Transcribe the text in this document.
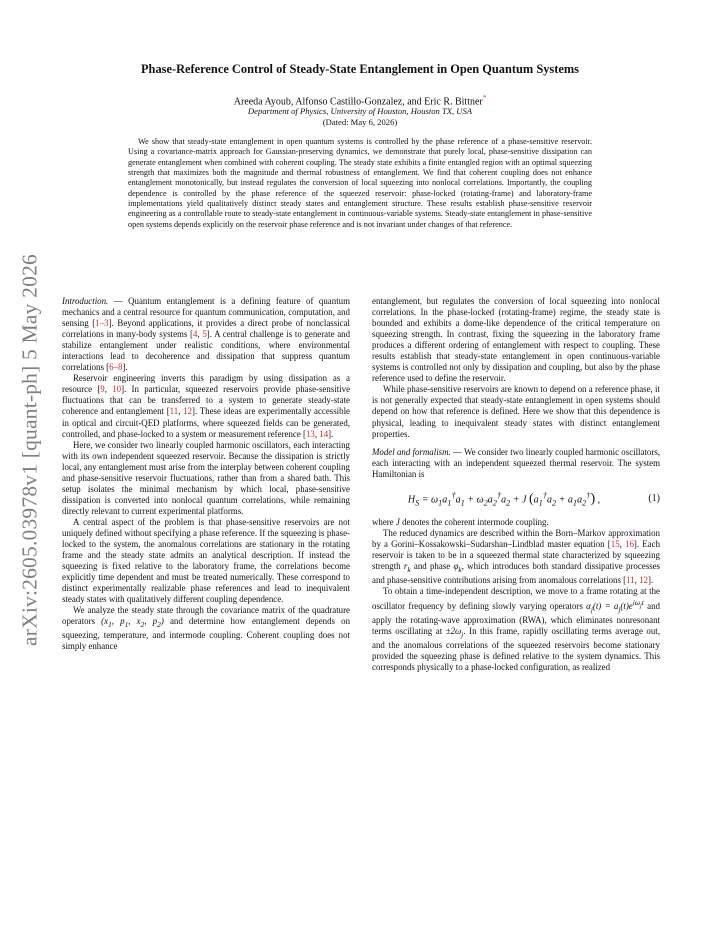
arXiv:2605.03978v1 [quant-ph] 5 May 2026
Phase-Reference Control of Steady-State Entanglement in Open Quantum Systems
Areeda Ayoub, Alfonso Castillo-Gonzalez, and Eric R. Bittner*
Department of Physics, University of Houston, Houston TX, USA
(Dated: May 6, 2026)
We show that steady-state entanglement in open quantum systems is controlled by the phase reference of a phase-sensitive reservoir. Using a covariance-matrix approach for Gaussian-preserving dynamics, we demonstrate that purely local, phase-sensitive dissipation can generate entanglement when combined with coherent coupling. The steady state exhibits a finite entangled region with an optimal squeezing strength that maximizes both the magnitude and thermal robustness of entanglement. We find that coherent coupling does not enhance entanglement monotonically, but instead regulates the conversion of local squeezing into nonlocal correlations. Importantly, the coupling dependence is controlled by the phase reference of the squeezed reservoir: phase-locked (rotating-frame) and laboratory-frame implementations yield qualitatively distinct steady states and entanglement structure. These results establish phase-sensitive reservoir engineering as a controllable route to steady-state entanglement in continuous-variable systems. Steady-state entanglement in phase-sensitive open systems depends explicitly on the reservoir phase reference and is not invariant under changes of that reference.

Introduction. — Quantum entanglement is a defining feature of quantum mechanics and a central resource for quantum communication, computation, and sensing [1–3]. Beyond applications, it provides a direct probe of nonclassical correlations in many-body systems [4, 5]. A central challenge is to generate and stabilize entanglement under realistic conditions, where environmental interactions lead to decoherence and dissipation that suppress quantum correlations [6–8].

Reservoir engineering inverts this paradigm by using dissipation as a resource [9, 10]. In particular, squeezed reservoirs provide phase-sensitive fluctuations that can be transferred to a system to generate steady-state coherence and entanglement [11, 12]. These ideas are experimentally accessible in optical and circuit-QED platforms, where squeezed fields can be generated, controlled, and phase-locked to a system or measurement reference [13, 14].

Here, we consider two linearly coupled harmonic oscillators, each interacting with its own independent squeezed reservoir. Because the dissipation is strictly local, any entanglement must arise from the interplay between coherent coupling and phase-sensitive reservoir fluctuations, rather than from a shared bath. This setup isolates the minimal mechanism by which local, phase-sensitive dissipation is converted into nonlocal quantum correlations, while remaining directly relevant to current experimental platforms.

A central aspect of the problem is that phase-sensitive reservoirs are not uniquely defined without specifying a phase reference. If the squeezing is phase-locked to the system, the anomalous correlations are stationary in the rotating frame and the steady state admits an analytical description. If instead the squeezing is fixed relative to the laboratory frame, the correlations become explicitly time dependent and must be treated numerically. These correspond to distinct experimentally realizable phase references and lead to inequivalent steady states with qualitatively different coupling dependence.

We analyze the steady state through the covariance matrix of the quadrature operators ($x_1$, $p_1$, $x_2$, $p_2$) and determine how entanglement depends on squeezing, temperature, and intermode coupling. Coherent coupling does not simply enhance

entanglement, but regulates the conversion of local squeezing into nonlocal correlations. In the phase-locked (rotating-frame) regime, the steady state is bounded and exhibits a dome-like dependence of the critical temperature on squeezing strength. In contrast, fixing the squeezing in the laboratory frame produces a different ordering of entanglement with respect to coupling. These results establish that steady-state entanglement in open continuous-variable systems is controlled not only by dissipation and coupling, but also by the phase reference used to define the reservoir.

While phase-sensitive reservoirs are known to depend on a reference phase, it is not generally expected that steady-state entanglement in open systems should depend on how that reference is defined. Here we show that this dependence is physical, leading to inequivalent steady states with distinct entanglement properties.

Model and formalism. — We consider two linearly coupled harmonic oscillators, each interacting with an independent squeezed thermal reservoir. The system Hamiltonian is

$H_S = \omega_1a_1^\dagger a_1 + \omega_2a_2^\dagger a_2 + J$ $(a_1^\dagger a_2 + a_1a_2^\dagger)$ ,	(1)

where J denotes the coherent intermode coupling.

The reduced dynamics are described within the Born–Markov approximation by a Gorini–Kossakowski–Sudarshan–Lindblad master equation [15, 16]. Each reservoir is taken to be in a squeezed thermal state characterized by squeezing strength $r_k$ and phase $\varphi_k$, which introduces both standard dissipative processes and phase-sensitive contributions arising from anomalous correlations [11, 12].

To obtain a time-independent description, we move to a frame rotating at the oscillator frequency by defining slowly varying operators $\alpha_j(t) = a_j(t)e^{i\omega_jt}$ and apply the rotating-wave approximation (RWA), which eliminates nonresonant terms oscillating at $\pm 2\omega_j$. In this frame, rapidly oscillating terms average out, and the anomalous correlations of the squeezed reservoirs become stationary provided the squeezing phase is defined relative to the system dynamics. This corresponds physically to a phase-locked configuration, as realized
